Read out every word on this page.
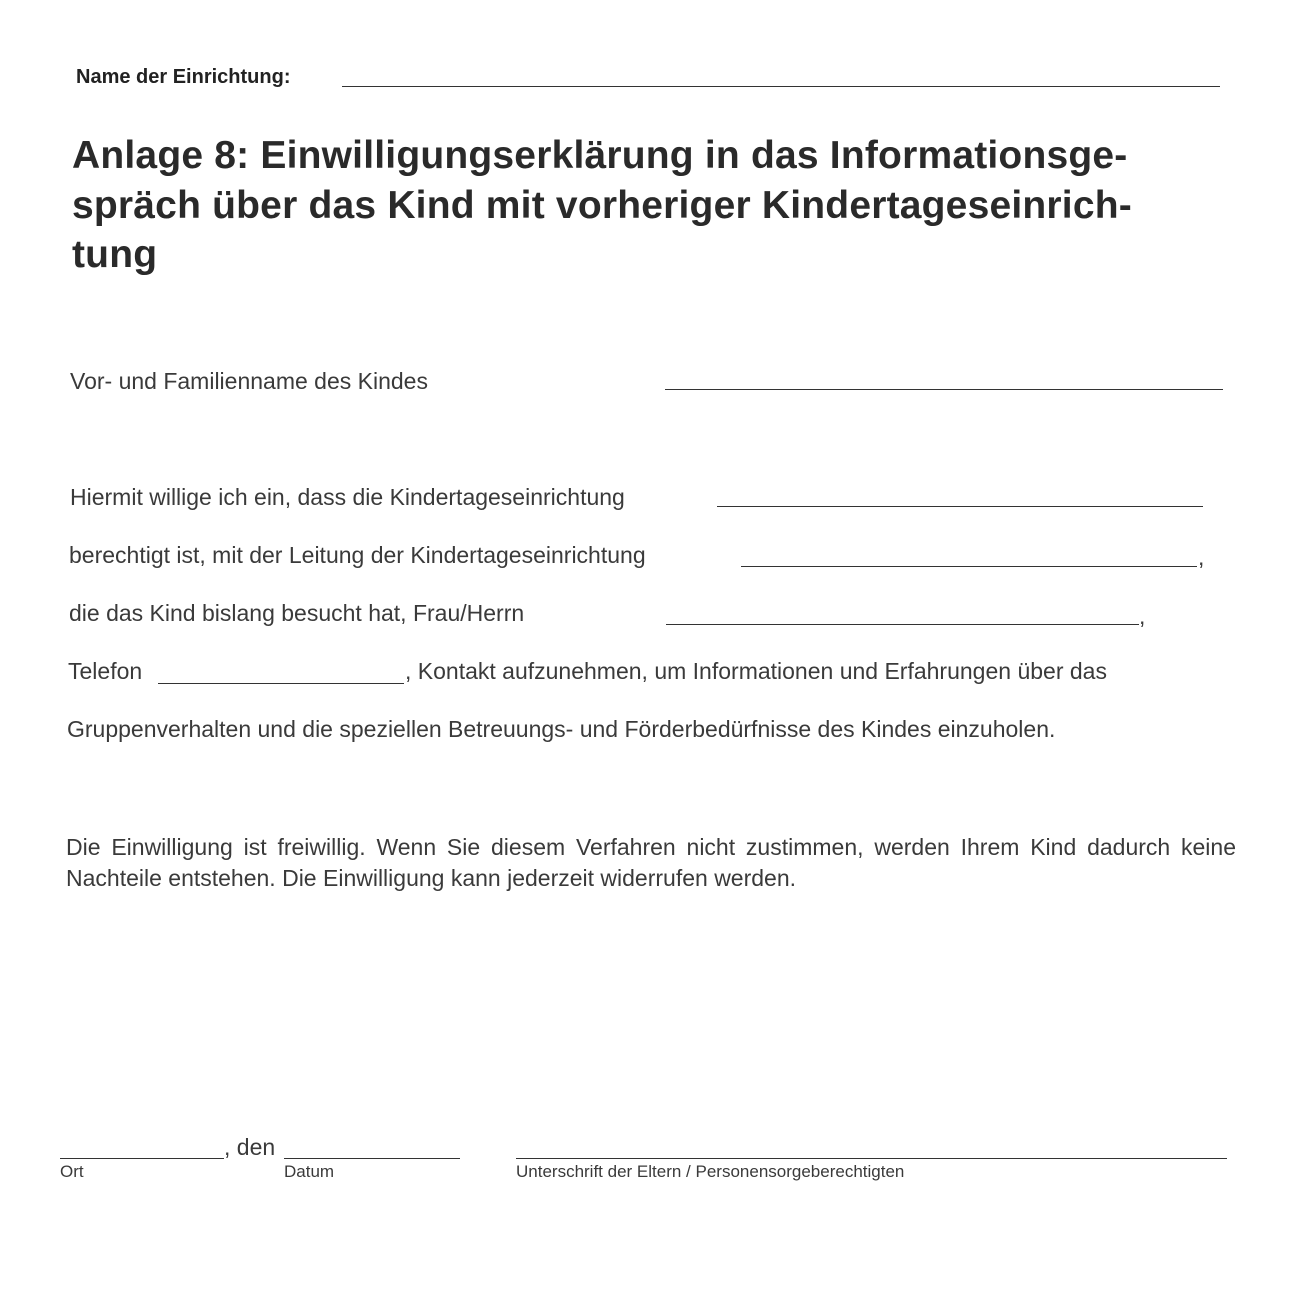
Name der Einrichtung:
Anlage 8: Einwilligungserklärung in das Informationsge-
spräch über das Kind mit vorheriger Kindertageseinrich-
tung
Vor- und Familienname des Kindes
Hiermit willige ich ein, dass die Kindertageseinrichtung
berechtigt ist, mit der Leitung der Kindertageseinrichtung	,
die das Kind bislang besucht hat, Frau/Herrn	,
Telefon	, Kontakt aufzunehmen, um Informationen und Erfahrungen über das
Gruppenverhalten und die speziellen Betreuungs- und Förderbedürfnisse des Kindes einzuholen.
Die Einwilligung ist freiwillig. Wenn Sie diesem Verfahren nicht zustimmen, werden Ihrem Kind dadurch keine Nachteile entstehen. Die Einwilligung kann jederzeit widerrufen werden.
, den
Ort	Datum	Unterschrift der Eltern / Personensorgeberechtigten
